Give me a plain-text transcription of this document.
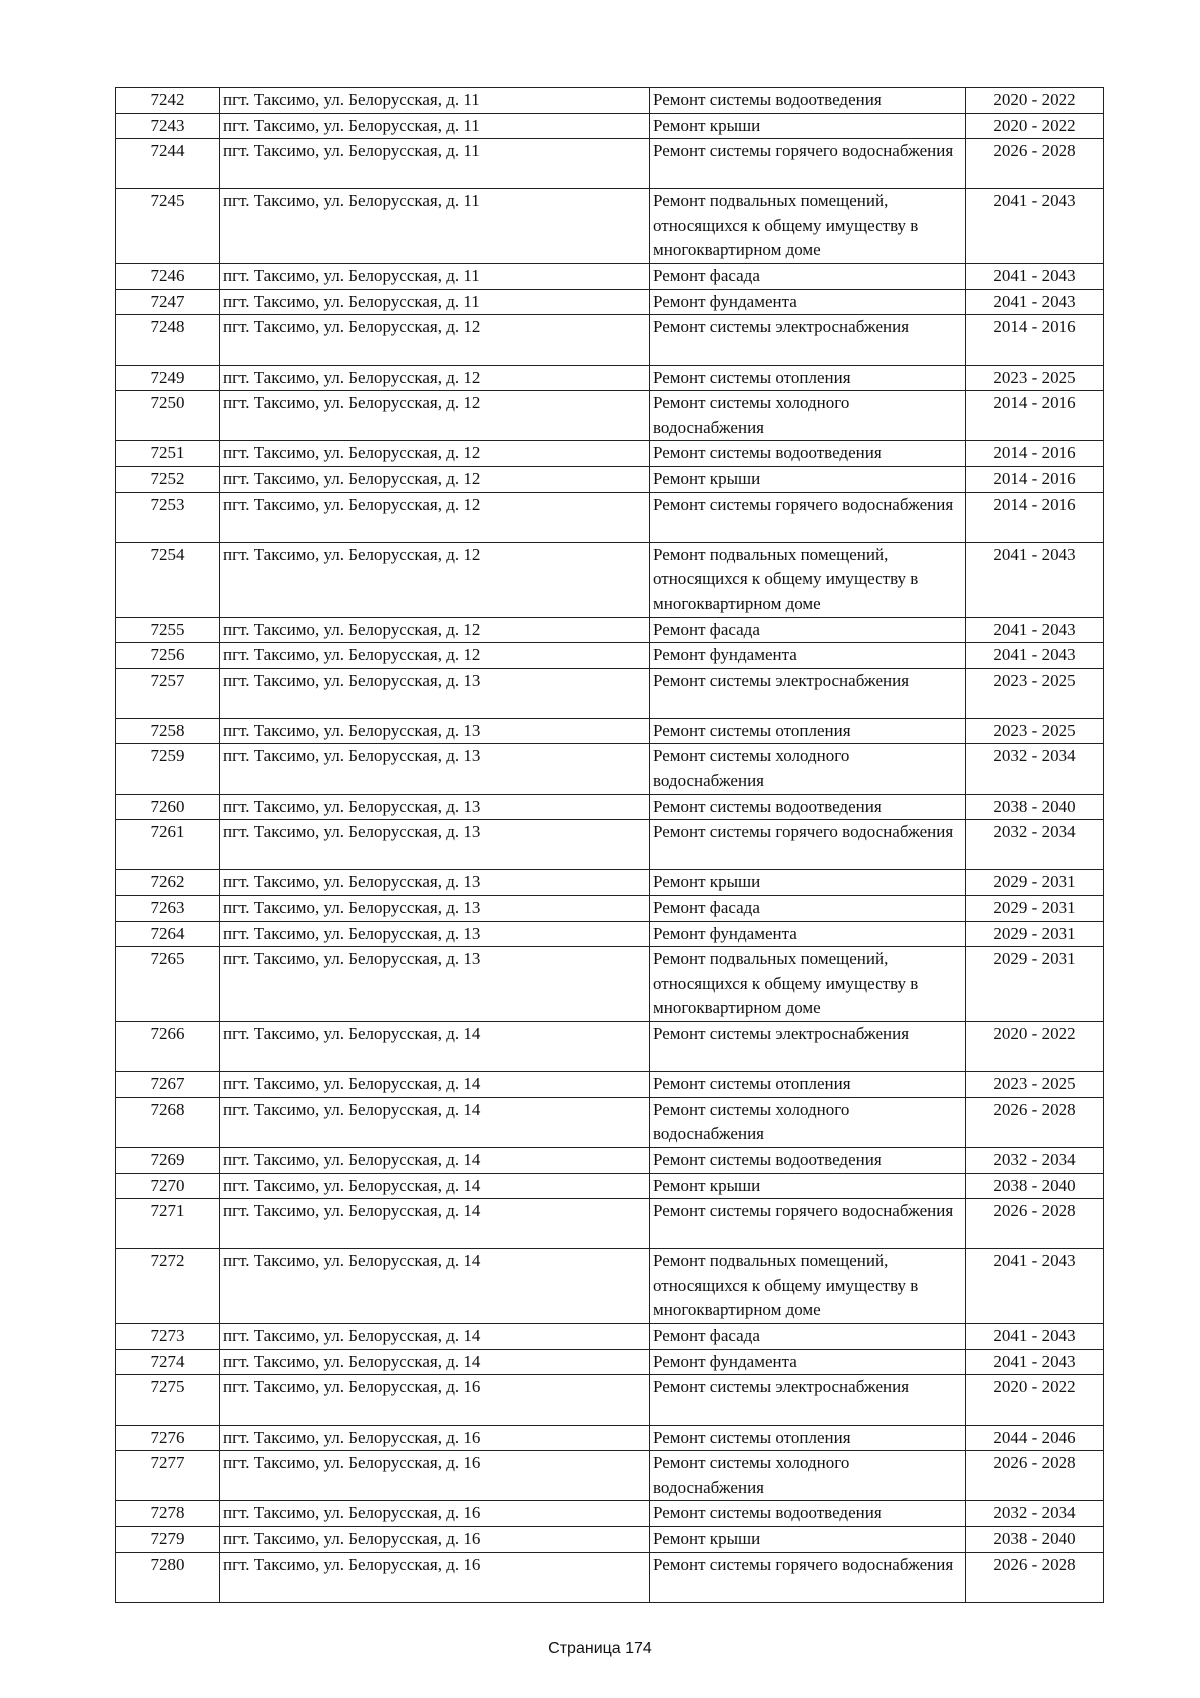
7242	пгт. Таксимо, ул. Белорусская, д. 11	Ремонт системы водоотведения	2020 - 2022
7243	пгт. Таксимо, ул. Белорусская, д. 11	Ремонт крыши	2020 - 2022
7244	пгт. Таксимо, ул. Белорусская, д. 11	Ремонт системы горячего водоснабжения	2026 - 2028
7245	пгт. Таксимо, ул. Белорусская, д. 11	Ремонт подвальных помещений, относящихся к общему имуществу в многоквартирном доме	2041 - 2043
7246	пгт. Таксимо, ул. Белорусская, д. 11	Ремонт фасада	2041 - 2043
7247	пгт. Таксимо, ул. Белорусская, д. 11	Ремонт фундамента	2041 - 2043
7248	пгт. Таксимо, ул. Белорусская, д. 12	Ремонт системы электроснабжения	2014 - 2016
7249	пгт. Таксимо, ул. Белорусская, д. 12	Ремонт системы отопления	2023 - 2025
7250	пгт. Таксимо, ул. Белорусская, д. 12	Ремонт системы холодного водоснабжения	2014 - 2016
7251	пгт. Таксимо, ул. Белорусская, д. 12	Ремонт системы водоотведения	2014 - 2016
7252	пгт. Таксимо, ул. Белорусская, д. 12	Ремонт крыши	2014 - 2016
7253	пгт. Таксимо, ул. Белорусская, д. 12	Ремонт системы горячего водоснабжения	2014 - 2016
7254	пгт. Таксимо, ул. Белорусская, д. 12	Ремонт подвальных помещений, относящихся к общему имуществу в многоквартирном доме	2041 - 2043
7255	пгт. Таксимо, ул. Белорусская, д. 12	Ремонт фасада	2041 - 2043
7256	пгт. Таксимо, ул. Белорусская, д. 12	Ремонт фундамента	2041 - 2043
7257	пгт. Таксимо, ул. Белорусская, д. 13	Ремонт системы электроснабжения	2023 - 2025
7258	пгт. Таксимо, ул. Белорусская, д. 13	Ремонт системы отопления	2023 - 2025
7259	пгт. Таксимо, ул. Белорусская, д. 13	Ремонт системы холодного водоснабжения	2032 - 2034
7260	пгт. Таксимо, ул. Белорусская, д. 13	Ремонт системы водоотведения	2038 - 2040
7261	пгт. Таксимо, ул. Белорусская, д. 13	Ремонт системы горячего водоснабжения	2032 - 2034
7262	пгт. Таксимо, ул. Белорусская, д. 13	Ремонт крыши	2029 - 2031
7263	пгт. Таксимо, ул. Белорусская, д. 13	Ремонт фасада	2029 - 2031
7264	пгт. Таксимо, ул. Белорусская, д. 13	Ремонт фундамента	2029 - 2031
7265	пгт. Таксимо, ул. Белорусская, д. 13	Ремонт подвальных помещений, относящихся к общему имуществу в многоквартирном доме	2029 - 2031
7266	пгт. Таксимо, ул. Белорусская, д. 14	Ремонт системы электроснабжения	2020 - 2022
7267	пгт. Таксимо, ул. Белорусская, д. 14	Ремонт системы отопления	2023 - 2025
7268	пгт. Таксимо, ул. Белорусская, д. 14	Ремонт системы холодного водоснабжения	2026 - 2028
7269	пгт. Таксимо, ул. Белорусская, д. 14	Ремонт системы водоотведения	2032 - 2034
7270	пгт. Таксимо, ул. Белорусская, д. 14	Ремонт крыши	2038 - 2040
7271	пгт. Таксимо, ул. Белорусская, д. 14	Ремонт системы горячего водоснабжения	2026 - 2028
7272	пгт. Таксимо, ул. Белорусская, д. 14	Ремонт подвальных помещений, относящихся к общему имуществу в многоквартирном доме	2041 - 2043
7273	пгт. Таксимо, ул. Белорусская, д. 14	Ремонт фасада	2041 - 2043
7274	пгт. Таксимо, ул. Белорусская, д. 14	Ремонт фундамента	2041 - 2043
7275	пгт. Таксимо, ул. Белорусская, д. 16	Ремонт системы электроснабжения	2020 - 2022
7276	пгт. Таксимо, ул. Белорусская, д. 16	Ремонт системы отопления	2044 - 2046
7277	пгт. Таксимо, ул. Белорусская, д. 16	Ремонт системы холодного водоснабжения	2026 - 2028
7278	пгт. Таксимо, ул. Белорусская, д. 16	Ремонт системы водоотведения	2032 - 2034
7279	пгт. Таксимо, ул. Белорусская, д. 16	Ремонт крыши	2038 - 2040
7280	пгт. Таксимо, ул. Белорусская, д. 16	Ремонт системы горячего водоснабжения	2026 - 2028
Страница 174
